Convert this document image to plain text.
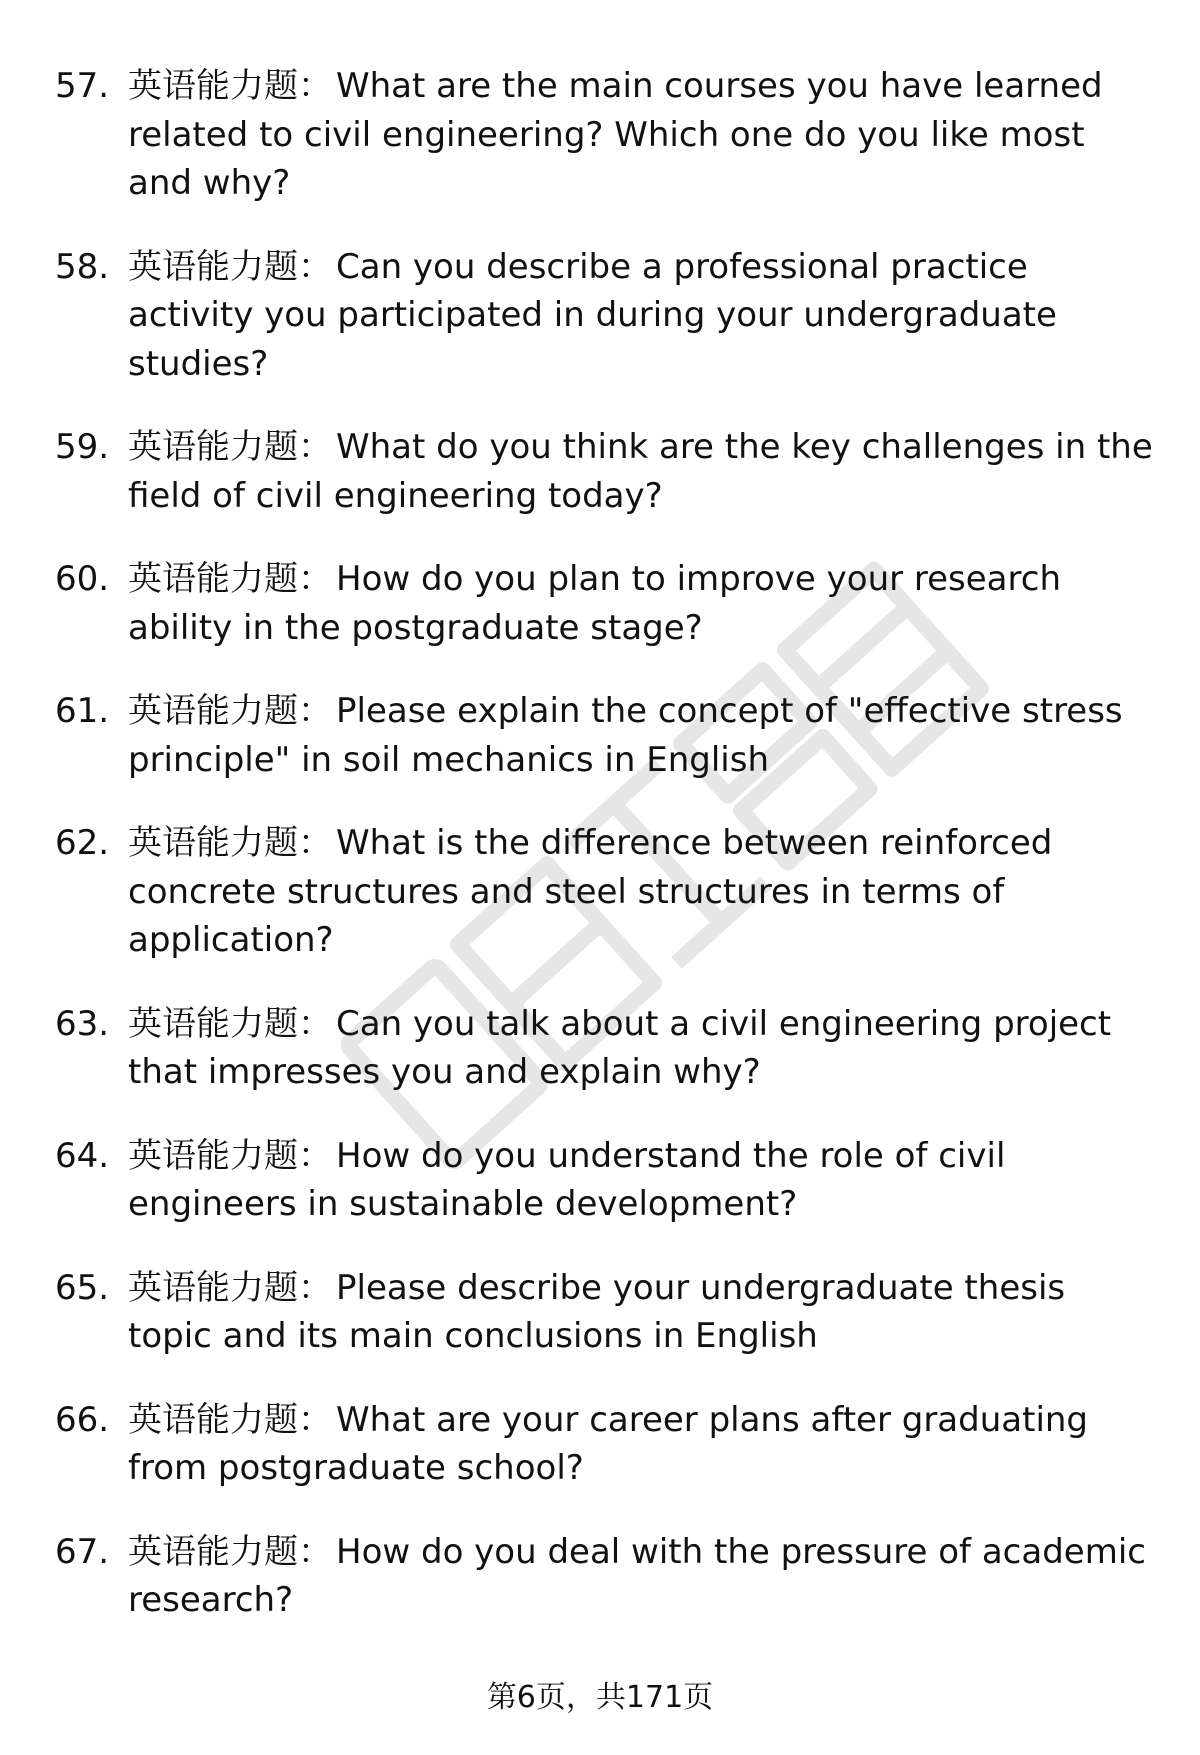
57. 英语能力题： What are the main courses you have learned related to civil engineering? Which one do you like most and why?
58. 英语能力题： Can you describe a professional practice activity you participated in during your undergraduate studies?
59. 英语能力题： What do you think are the key challenges in the field of civil engineering today?
60. 英语能力题： How do you plan to improve your research ability in the postgraduate stage?
61. 英语能力题： Please explain the concept of "effective stress principle" in soil mechanics in English
62. 英语能力题： What is the difference between reinforced concrete structures and steel structures in terms of application?
63. 英语能力题： Can you talk about a civil engineering project that impresses you and explain why?
64. 英语能力题： How do you understand the role of civil engineers in sustainable development?
65. 英语能力题： Please describe your undergraduate thesis topic and its main conclusions in English
66. 英语能力题： What are your career plans after graduating from postgraduate school?
67. 英语能力题： How do you deal with the pressure of academic research?
第6页，共171页
